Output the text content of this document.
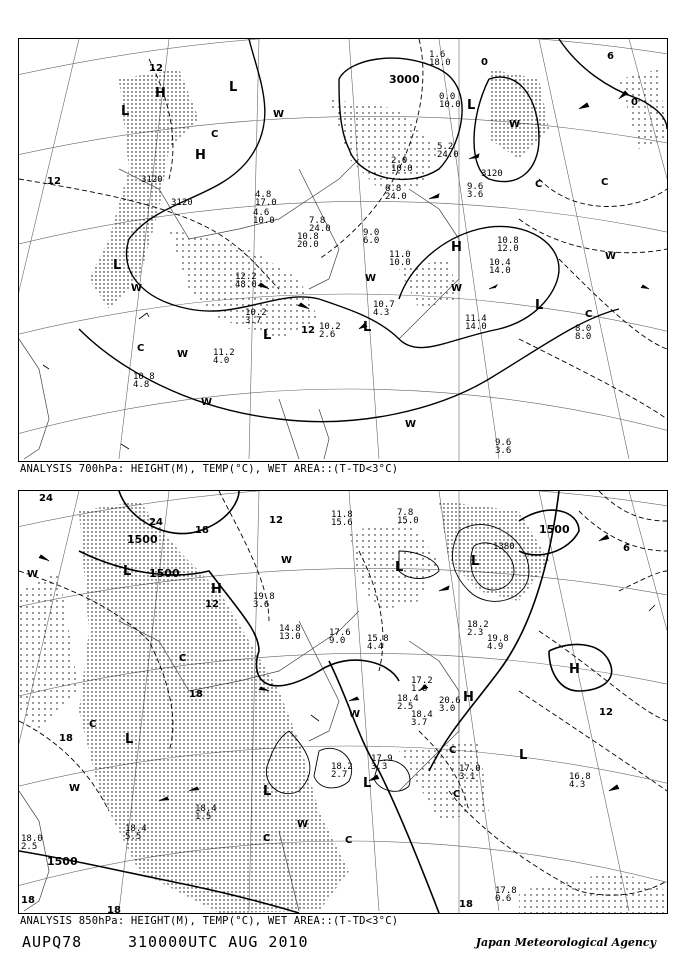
3000
3120
3120
3120
12
12
0
0
6
12
L
L
H
H
L
H
L
L
L
L
W
W
W
C
C
W
C
W
W
W
W
C
W
C
4.8
17.0
4.6
10.0
5.2
24.0
2.0
10.0
6.8
24.0
9.6
3.6
7.8
24.0
10.8
20.0
9.0
6.0
11.0
10.0
10.8
12.0
10.4
14.0
12.2
48.0
10.2
3.7
10.2
2.6
10.7
4.3
11.2
4.0
10.8
4.8
11.4
14.0	8.0
8.0
9.6
3.6
1.6
18.0
0.0
10.0
ANALYSIS 700hPa: HEIGHT(M), TEMP(°C), WET AREA::(T-TD<3°C)
1500
1500
1500
1380
1500
24
24
18
12
12
18
18
12
18
18
18
6
L
H
L	L
H
H
L
L
L
L
W
W
C
W
W
C
C
C
C
W
C
19.8
3.6
14.8
13.0	17.6
9.0 15.8
4.4
18.2
2.3
19.8
4.9
17.2
1.6
18.4
2.5
20.6
3.0
18.4
3.7
17.0
3.1	16.8
4.3
18.2
2.7
17.9
3.3
18.4
1.5
18.4
5.5
18.0
2.5
17.8
0.6
11.8
15.6
7.8
15.0
ANALYSIS 850hPa: HEIGHT(M), TEMP(°C), WET AREA::(T-TD<3°C)
AUPQ78	310000UTC AUG 2010	Japan Meteorological Agency
